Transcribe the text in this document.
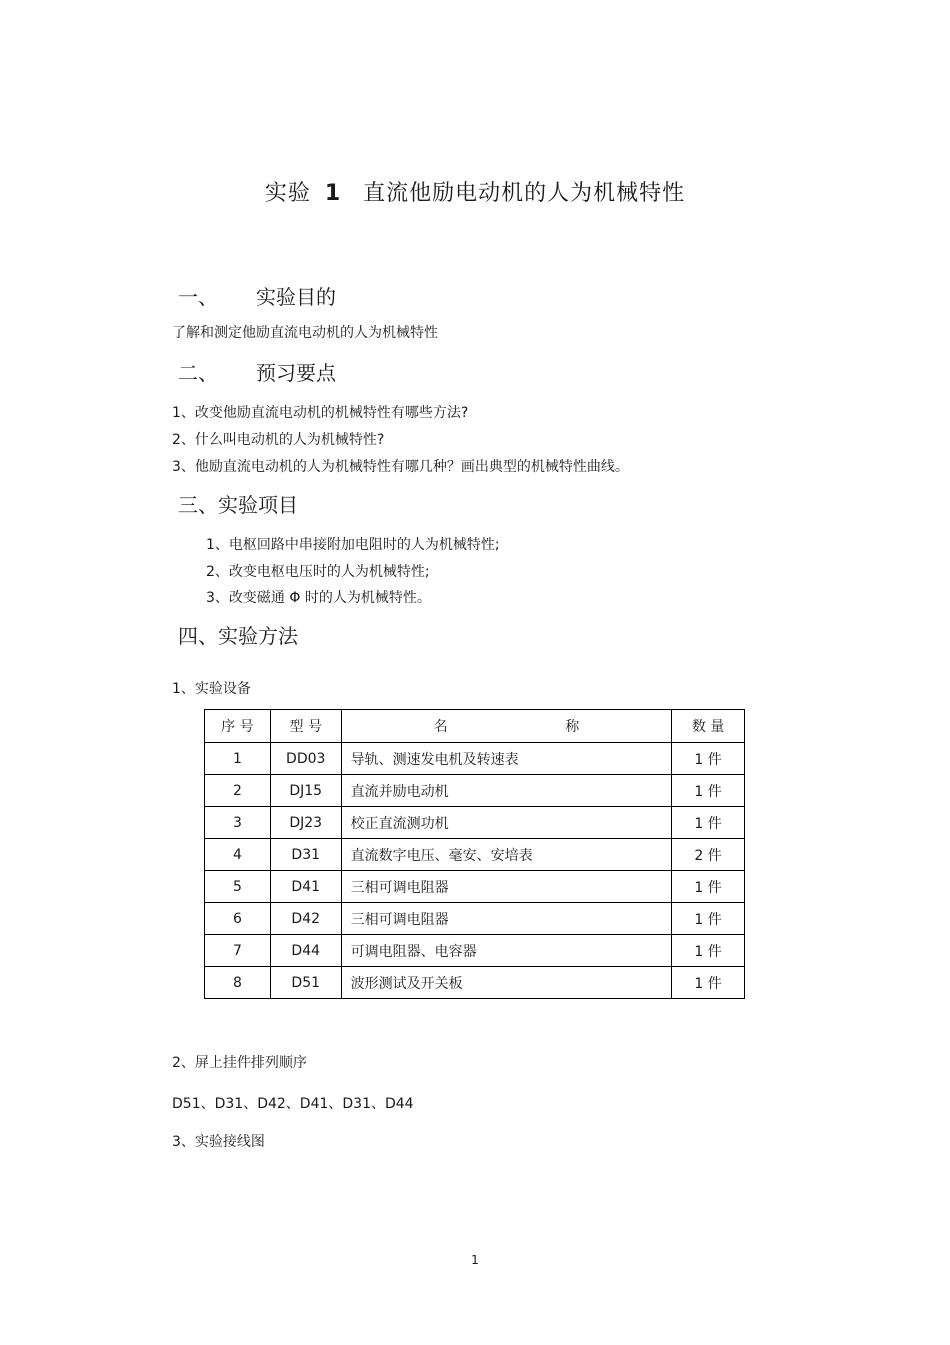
实验 1 直流他励电动机的人为机械特性
一、 实验目的
了解和测定他励直流电动机的人为机械特性
二、 预习要点
1、改变他励直流电动机的机械特性有哪些方法?
2、什么叫电动机的人为机械特性?
3、他励直流电动机的人为机械特性有哪几种？画出典型的机械特性曲线。
三、实验项目
1、电枢回路中串接附加电阻时的人为机械特性;
2、改变电枢电压时的人为机械特性;
3、改变磁通 Φ 时的人为机械特性。
四、实验方法
1、实验设备
序 号	型 号	名 称	数 量
1	DD03	导轨、测速发电机及转速表	1 件
2	DJ15	直流并励电动机	1 件
3	DJ23	校正直流测功机	1 件
4	D31	直流数字电压、毫安、安培表	2 件
5	D41	三相可调电阻器	1 件
6	D42	三相可调电阻器	1 件
7	D44	可调电阻器、电容器	1 件
8	D51	波形测试及开关板	1 件
2、屏上挂件排列顺序
D51、D31、D42、D41、D31、D44
3、实验接线图
1
